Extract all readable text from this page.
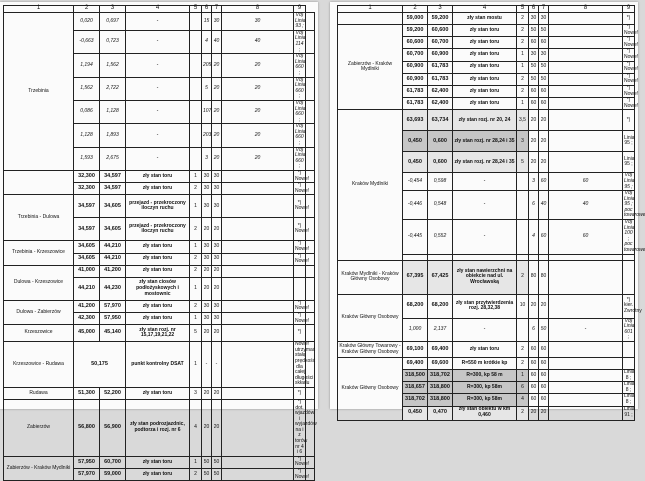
1	2	3	4	5	6	7	8	9	
Trzebinia	0,020	0,697	-		15	30	30	Vd) Linia 93 ;	
	-0,663	0,723	-		4	40	40	Vd) Linia 114 ;	
	1,194	1,562	-		205	20	20	Vd) Linia 660 ;	
	1,562	2,722	-		5	20	20	Vd) Linia 660 ;	
	0,086	1,128	-		107	20	20	Vd) Linia 660 ;	
	1,128	1,893	-		203	20	20	Vd) Linia 660 ;	
	1,593	2,675	-		3	20	20	Vd) Linia 660 ;	
	32,300	34,597	zły stan toru	1	30	30		*) Nowe!	
	32,300	34,597	zły stan toru	2	30	30		*) Nowe!	
Trzebinia - Dulowa	34,597	34,605	przejazd - przekroczony iloczyn ruchu	1	30	30		*) Nowe!	
	34,597	34,605	przejazd - przekroczony iloczyn ruchu	2	20	20		*) Nowe!	
Trzebinia - Krzeszowice	34,605	44,210	zły stan toru	1	30	30		*) Nowe!	
	34,605	44,210	zły stan toru	2	30	30		*) Nowe!	
Dulowa - Krzeszowice	41,000	41,200	zły stan toru	2	20	20			
	44,210	44,230	zły stan ciosów podłożyskowych i mostownic	1	20	20			
Dulowa - Zabierzów	41,200	57,970	zły stan toru	2	30	30		*) Nowe!	
	42,300	57,950	zły stan toru	1	30	30		*) Nowe!	
Krzeszowice	45,000	45,140	zły stan rozj. nr 15,17,19,21,22	5	20	20		*)	
Krzeszowice - Rudawa	50,175		punkt kontrolny DSAT	1	-	-		Nowe! utrzymać stałą prędkość dla całej długości składu	
Rudawa	51,300	52,200	zły stan toru	3	20	20		*)	
Zabierzów	56,800	56,900	zły stan podrozjazdnic, podtorza i rozj. nr 6	4	20	20		*) dot. wjazdów i wyjazdów na i z torów nr 4 i 6	
Zabierzów - Kraków Mydlniki	57,950	60,700	zły stan toru	1	50	50		*) Nowe!	
	57,970	59,000	zły stan toru	2	50	50		*) Nowe!	
1	2	3	4	5	6	7	8	9	
	59,000	59,200	zły stan mostu	2	30	30		*)	
Zabierzów - Kraków Mydlniki	59,200	60,600	zły stan toru	2	50	50		*) Nowe!	
	60,600	60,700	zły stan toru	2	60	60		*) Nowe!	
	60,700	60,900	zły stan toru	1	30	30		*) Nowe!	
	60,900	61,783	zły stan toru	1	50	50		*) Nowe!	
	60,900	61,783	zły stan toru	2	50	50		*) Nowe!	
	61,783	62,400	zły stan toru	2	60	60		*) Nowe!	
	61,783	62,400	zły stan toru	1	60	60		*) Nowe!	
Kraków Mydlniki	63,693	63,734	zły stan rozj. nr 20, 24	3,5	20	20		*)	
	0,450	0,600	zły stan rozj. nr 28,24 i 35	3	20	20		Linia 95 ;	
	0,450	0,600	zły stan rozj. nr 28,24 i 35	5	20	20		Linia 95 ;	
	-0,454	0,598	-		3	60	60	Vd) Linia 95 ;	
	-0,446	0,548	-		6	40	40	Vd) Linia 95 ; poc towarowe	
	-0,445	0,552	-		4	60	60	Vd) Linia 100 ; poc towarowe	

Kraków Mydlniki - Kraków Główny Osobowy	67,395	67,425	zły stan nawierzchni na obiekcie nad ul. Wrocławską	2	80	80			
Kraków Główny Osobowy	68,200	68,200	zły stan przytwierdzenia rozj. 28,32,38	10	20	20		*) kier. Zwrotny	
	1,000	2,137	-		6	50	-	Vd) Linia 601 ;	
Kraków Główny Towarowy - Kraków Główny Osobowy	69,100	69,400	zły stan toru	2	60	60			
Kraków Główny Osobowy	69,400	69,600	R=550 m krótkie kp	2	60	60			
	318,500	318,702	R=300, kp 58 m	1	60	60		Linia 8 ;	
	318,657	318,800	R=300, kp 58m	6	60	60		Linia 8 ;	
	318,702	318,800	R=300, kp 58m	4	60	60		Linia 8 ;	
	0,450	0,470	zły stan obiektu w km 0,460	2	20	20		Linia 91 ;	
